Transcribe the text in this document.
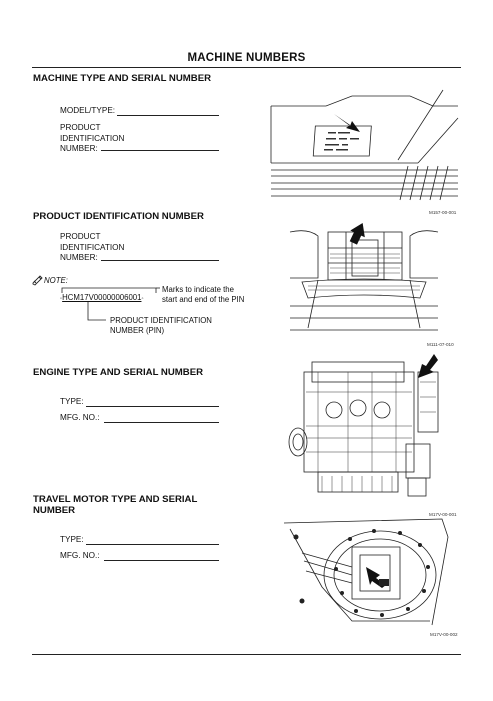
MACHINE NUMBERS
MACHINE TYPE AND SERIAL NUMBER
MODEL/TYPE:
PRODUCT
IDENTIFICATION
NUMBER:
M157-00-001
PRODUCT IDENTIFICATION NUMBER
PRODUCT
IDENTIFICATION
NUMBER:
NOTE:
◦HCM17V00000006001◦
Marks to indicate the
start and end of the PIN
PRODUCT IDENTIFICATION
NUMBER (PIN)
M111-07-010
ENGINE TYPE AND SERIAL NUMBER
TYPE:
MFG. NO.:
M17V-00-001
TRAVEL MOTOR TYPE AND SERIAL
NUMBER
TYPE:
MFG. NO.:
M17V-00-002
